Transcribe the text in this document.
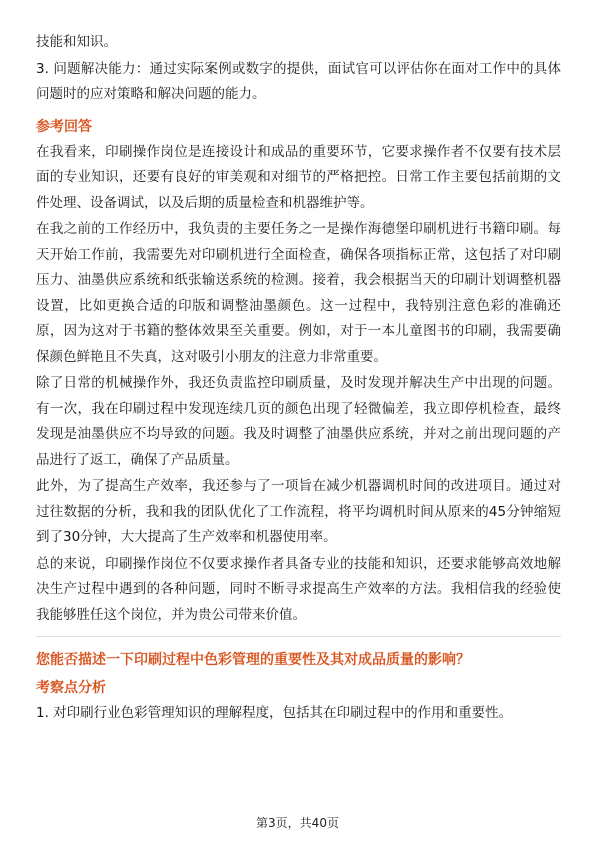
技能和知识。

3. 问题解决能力：通过实际案例或数字的提供，面试官可以评估你在面对工作中的具体问题时的应对策略和解决问题的能力。

参考回答

在我看来，印刷操作岗位是连接设计和成品的重要环节，它要求操作者不仅要有技术层面的专业知识，还要有良好的审美观和对细节的严格把控。日常工作主要包括前期的文件处理、设备调试，以及后期的质量检查和机器维护等。

在我之前的工作经历中，我负责的主要任务之一是操作海德堡印刷机进行书籍印刷。每天开始工作前，我需要先对印刷机进行全面检查，确保各项指标正常，这包括了对印刷压力、油墨供应系统和纸张输送系统的检测。接着，我会根据当天的印刷计划调整机器设置，比如更换合适的印版和调整油墨颜色。这一过程中，我特别注意色彩的准确还原，因为这对于书籍的整体效果至关重要。例如，对于一本儿童图书的印刷，我需要确保颜色鲜艳且不失真，这对吸引小朋友的注意力非常重要。

除了日常的机械操作外，我还负责监控印刷质量，及时发现并解决生产中出现的问题。有一次，我在印刷过程中发现连续几页的颜色出现了轻微偏差，我立即停机检查，最终发现是油墨供应不均导致的问题。我及时调整了油墨供应系统，并对之前出现问题的产品进行了返工，确保了产品质量。

此外，为了提高生产效率，我还参与了一项旨在减少机器调机时间的改进项目。通过对过往数据的分析，我和我的团队优化了工作流程，将平均调机时间从原来的45分钟缩短到了30分钟，大大提高了生产效率和机器使用率。

总的来说，印刷操作岗位不仅要求操作者具备专业的技能和知识，还要求能够高效地解决生产过程中遇到的各种问题，同时不断寻求提高生产效率的方法。我相信我的经验使我能够胜任这个岗位，并为贵公司带来价值。

您能否描述一下印刷过程中色彩管理的重要性及其对成品质量的影响？
考察点分析

1. 对印刷行业色彩管理知识的理解程度，包括其在印刷过程中的作用和重要性。

第3页，共40页
